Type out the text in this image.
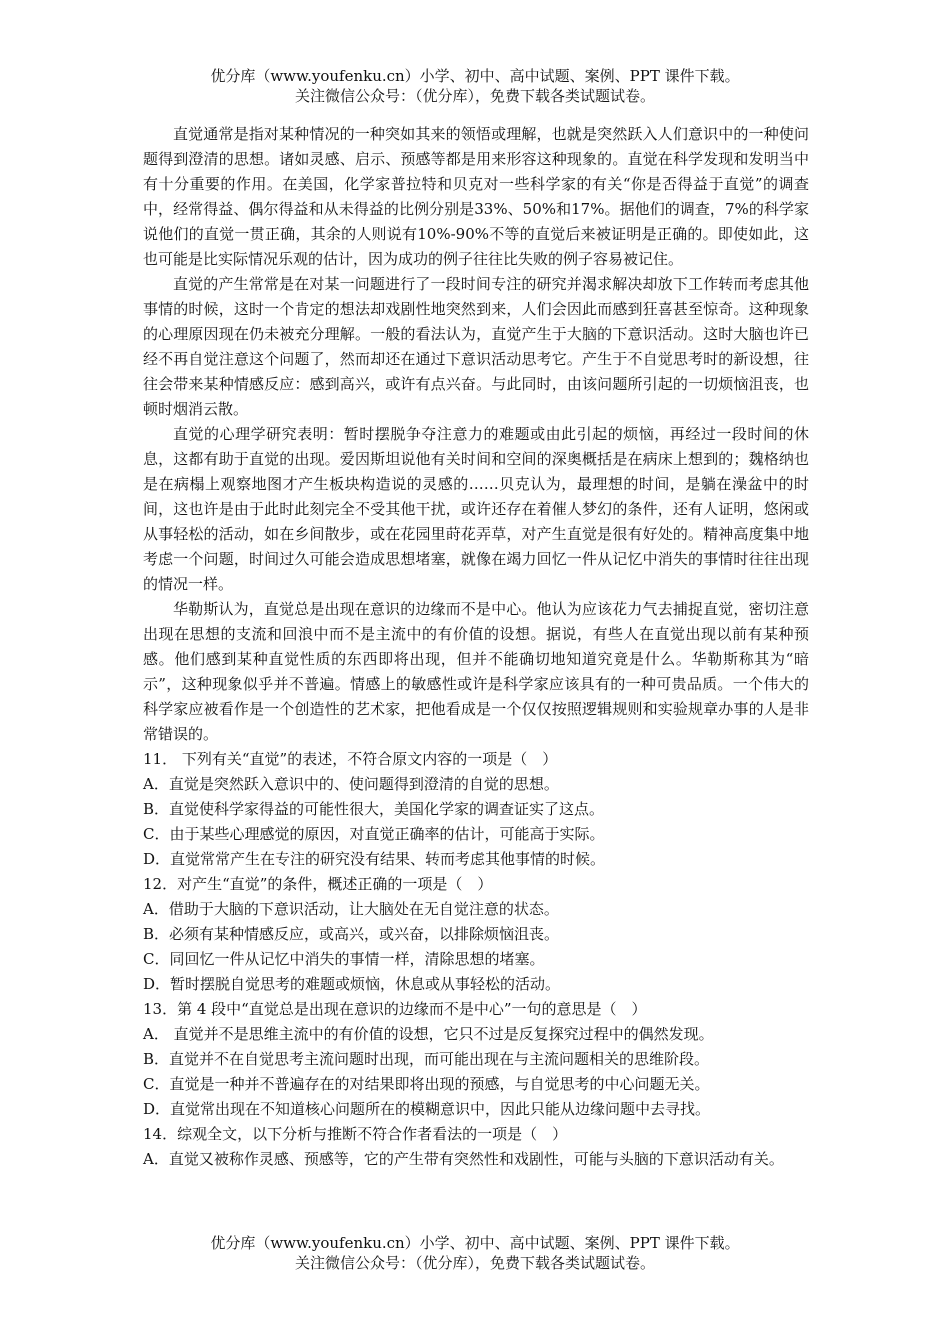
优分库（www.youfenku.cn）小学、初中、高中试题、案例、PPT 课件下载。
关注微信公众号：（优分库），免费下载各类试题试卷。

直觉通常是指对某种情况的一种突如其来的领悟或理解，也就是突然跃入人们意识中的一种使问题得到澄清的思想。诸如灵感、启示、预感等都是用来形容这种现象的。直觉在科学发现和发明当中有十分重要的作用。在美国，化学家普拉特和贝克对一些科学家的有关“你是否得益于直觉”的调查中，经常得益、偶尔得益和从未得益的比例分别是33%、50%和17%。据他们的调查，7%的科学家说他们的直觉一贯正确，其余的人则说有10%-90%不等的直觉后来被证明是正确的。即使如此，这也可能是比实际情况乐观的估计，因为成功的例子往往比失败的例子容易被记住。

直觉的产生常常是在对某一问题进行了一段时间专注的研究并渴求解决却放下工作转而考虑其他事情的时候，这时一个肯定的想法却戏剧性地突然到来，人们会因此而感到狂喜甚至惊奇。这种现象的心理原因现在仍未被充分理解。一般的看法认为，直觉产生于大脑的下意识活动。这时大脑也许已经不再自觉注意这个问题了，然而却还在通过下意识活动思考它。产生于不自觉思考时的新设想，往往会带来某种情感反应：感到高兴，或许有点兴奋。与此同时，由该问题所引起的一切烦恼沮丧，也顿时烟消云散。

直觉的心理学研究表明：暂时摆脱争夺注意力的难题或由此引起的烦恼，再经过一段时间的休息，这都有助于直觉的出现。爱因斯坦说他有关时间和空间的深奥概括是在病床上想到的；魏格纳也是在病榻上观察地图才产生板块构造说的灵感的……贝克认为，最理想的时间，是躺在澡盆中的时间，这也许是由于此时此刻完全不受其他干扰，或许还存在着催人梦幻的条件，还有人证明，悠闲或从事轻松的活动，如在乡间散步，或在花园里莳花弄草，对产生直觉是很有好处的。精神高度集中地考虑一个问题，时间过久可能会造成思想堵塞，就像在竭力回忆一件从记忆中消失的事情时往往出现的情况一样。

华勒斯认为，直觉总是出现在意识的边缘而不是中心。他认为应该花力气去捕捉直觉，密切注意出现在思想的支流和回浪中而不是主流中的有价值的设想。据说，有些人在直觉出现以前有某种预感。他们感到某种直觉性质的东西即将出现，但并不能确切地知道究竟是什么。华勒斯称其为“暗示”，这种现象似乎并不普遍。情感上的敏感性或许是科学家应该具有的一种可贵品质。一个伟大的科学家应被看作是一个创造性的艺术家，把他看成是一个仅仅按照逻辑规则和实验规章办事的人是非常错误的。

11． 下列有关“直觉”的表述，不符合原文内容的一项是（　）

A．直觉是突然跃入意识中的、使问题得到澄清的自觉的思想。

B．直觉使科学家得益的可能性很大，美国化学家的调查证实了这点。

C．由于某些心理感觉的原因，对直觉正确率的估计，可能高于实际。

D．直觉常常产生在专注的研究没有结果、转而考虑其他事情的时候。

12．对产生“直觉”的条件，概述正确的一项是（　）

A．借助于大脑的下意识活动，让大脑处在无自觉注意的状态。

B．必须有某种情感反应，或高兴，或兴奋，以排除烦恼沮丧。

C．同回忆一件从记忆中消失的事情一样，清除思想的堵塞。

D．暂时摆脱自觉思考的难题或烦恼，休息或从事轻松的活动。

13．第 4 段中“直觉总是出现在意识的边缘而不是中心”一句的意思是（　）

A． 直觉并不是思维主流中的有价值的设想，它只不过是反复探究过程中的偶然发现。

B．直觉并不在自觉思考主流问题时出现，而可能出现在与主流问题相关的思维阶段。

C．直觉是一种并不普遍存在的对结果即将出现的预感，与自觉思考的中心问题无关。

D．直觉常出现在不知道核心问题所在的模糊意识中，因此只能从边缘问题中去寻找。

14．综观全文，以下分析与推断不符合作者看法的一项是（　）

A．直觉又被称作灵感、预感等，它的产生带有突然性和戏剧性，可能与头脑的下意识活动有关。

优分库（www.youfenku.cn）小学、初中、高中试题、案例、PPT 课件下载。
关注微信公众号：（优分库），免费下载各类试题试卷。
